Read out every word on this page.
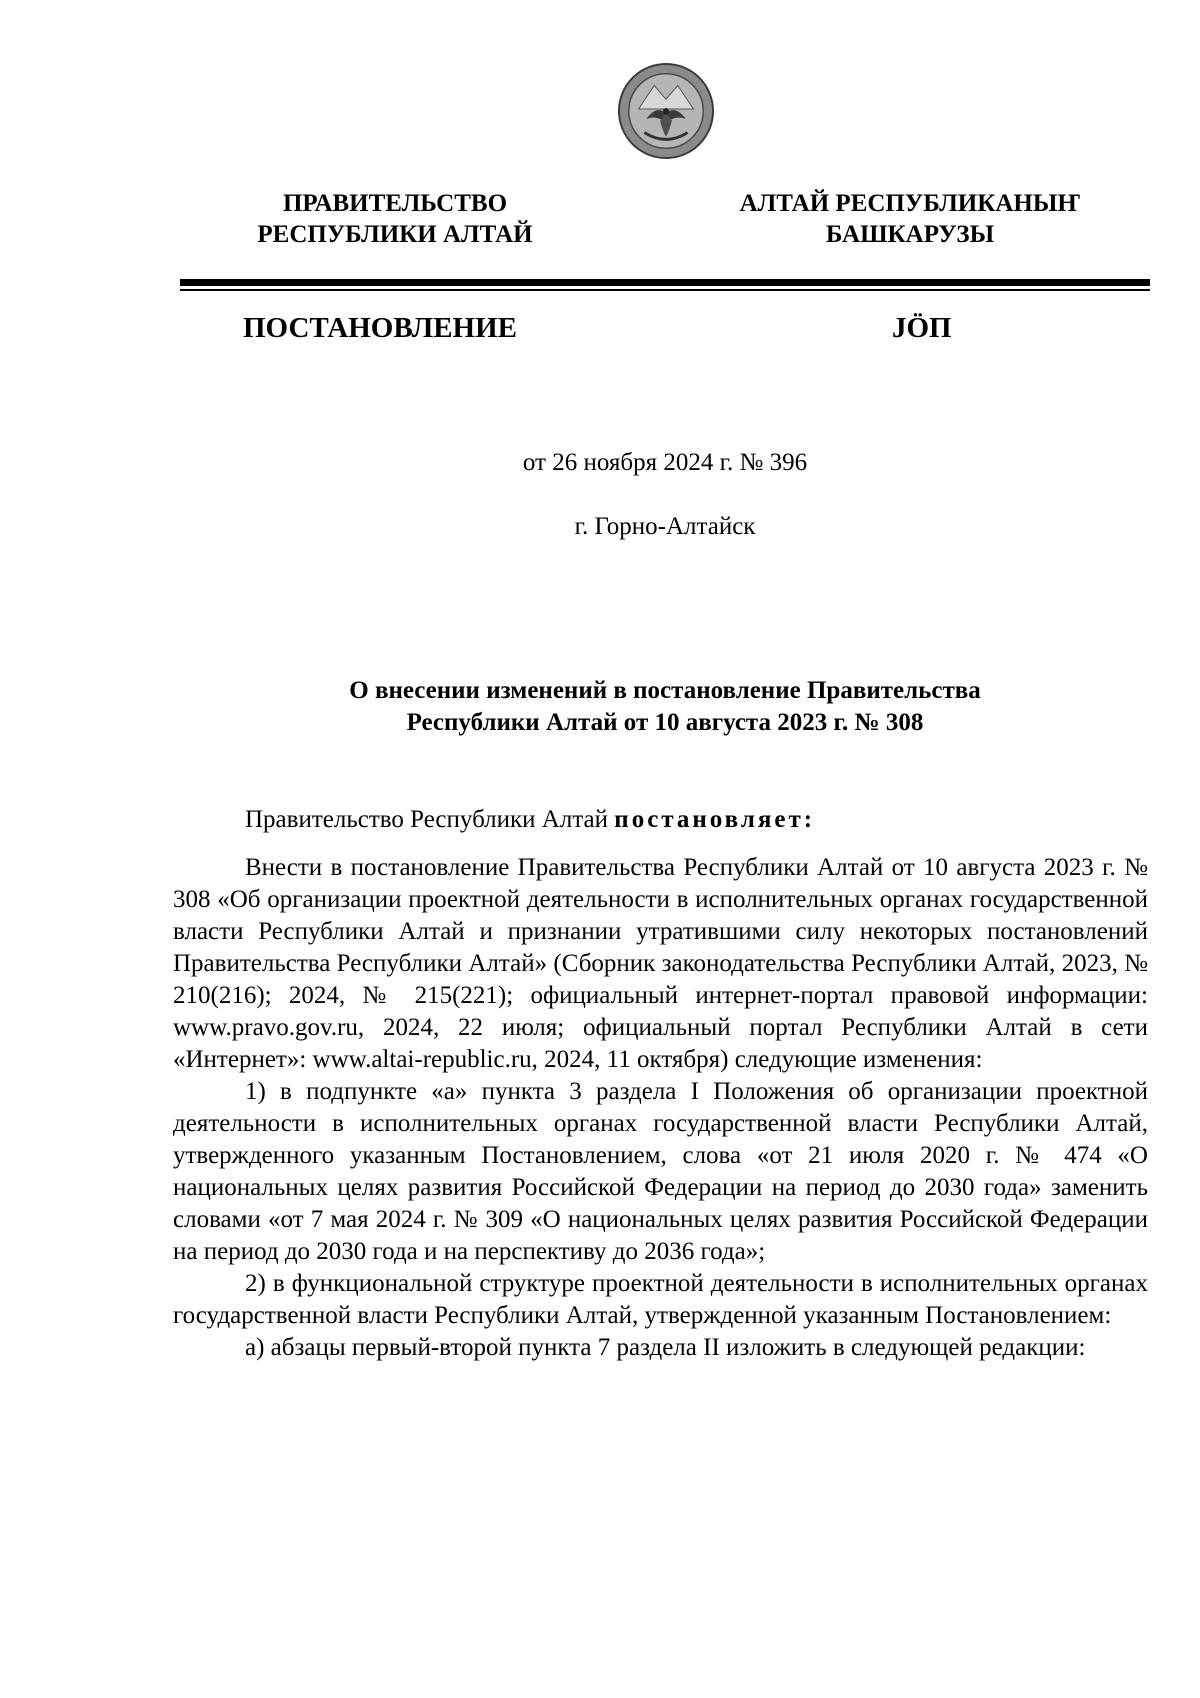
ПРАВИТЕЛЬСТВО
РЕСПУБЛИКИ АЛТАЙ
АЛТАЙ РЕСПУБЛИКАНЫҤ
БАШКАРУЗЫ
ПОСТАНОВЛЕНИЕ	JÖП
от 26 ноября 2024 г. № 396
г. Горно-Алтайск
О внесении изменений в постановление Правительства
Республики Алтай от 10 августа 2023 г. № 308

Правительство Республики Алтай постановляет:

Внести в постановление Правительства Республики Алтай от 10 августа 2023 г. № 308 «Об организации проектной деятельности в исполнительных органах государственной власти Республики Алтай и признании утратившими силу некоторых постановлений Правительства Республики Алтай» (Сборник законодательства Республики Алтай, 2023, № 210(216); 2024, № 215(221); официальный интернет-портал правовой информации: www.pravo.gov.ru, 2024, 22 июля; официальный портал Республики Алтай в сети «Интернет»: www.altai-republic.ru, 2024, 11 октября) следующие изменения:

1) в подпункте «а» пункта 3 раздела I Положения об организации проектной деятельности в исполнительных органах государственной власти Республики Алтай, утвержденного указанным Постановлением, слова «от 21 июля 2020 г. № 474 «О национальных целях развития Российской Федерации на период до 2030 года» заменить словами «от 7 мая 2024 г. № 309 «О национальных целях развития Российской Федерации на период до 2030 года и на перспективу до 2036 года»;

2) в функциональной структуре проектной деятельности в исполнительных органах государственной власти Республики Алтай, утвержденной указанным Постановлением:

а) абзацы первый-второй пункта 7 раздела II изложить в следующей редакции:
